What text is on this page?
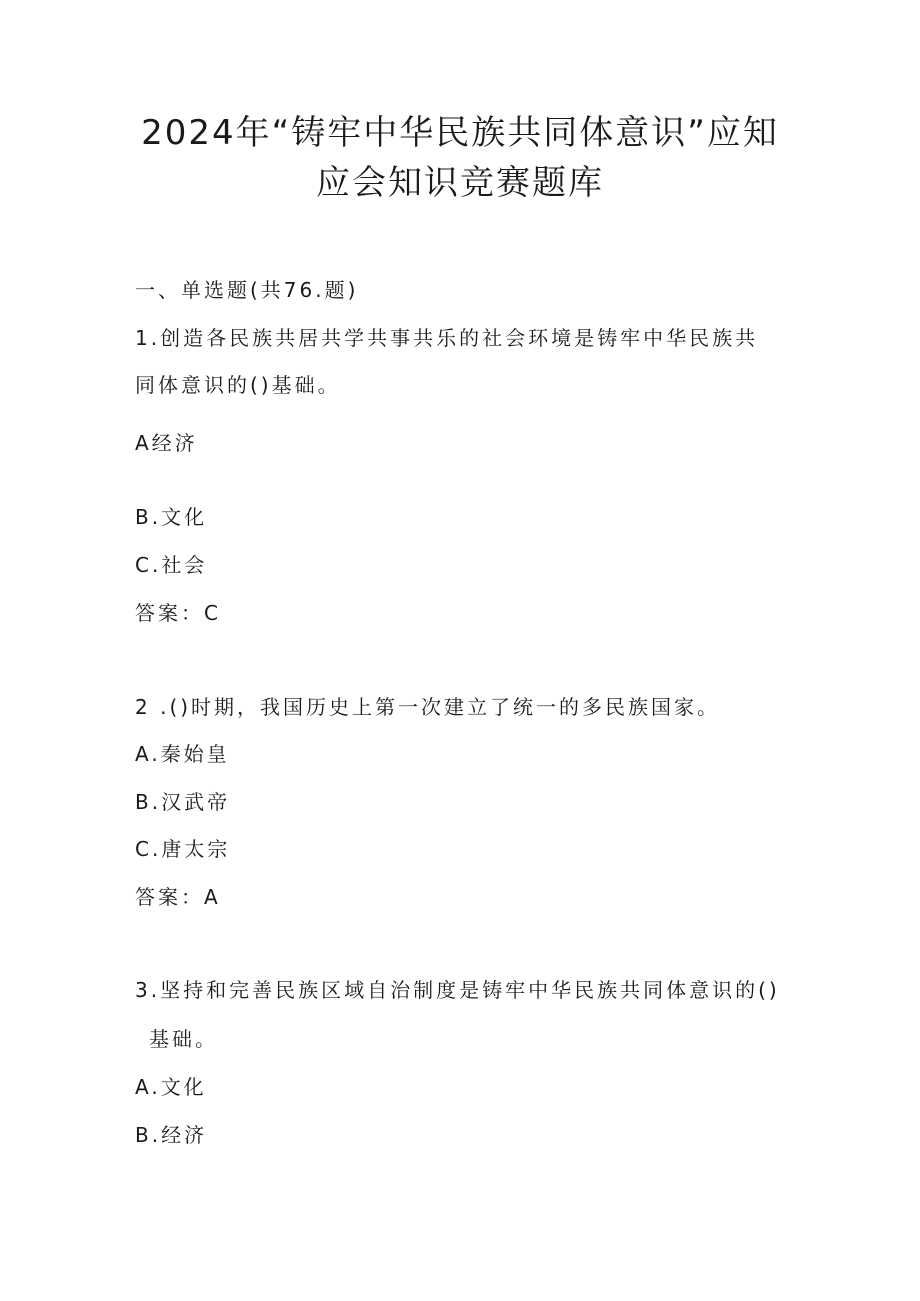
2024年“铸牢中华民族共同体意识”应知
应会知识竞赛题库
一、单选题(共76.题)
1.创造各民族共居共学共事共乐的社会环境是铸牢中华民族共
同体意识的()基础。
A经济
B.文化
C.社会
答案：C
2 .()时期，我国历史上第一次建立了统一的多民族国家。
A.秦始皇
B.汉武帝
C.唐太宗
答案：A
3.坚持和完善民族区域自治制度是铸牢中华民族共同体意识的()
基础。
A.文化
B.经济
